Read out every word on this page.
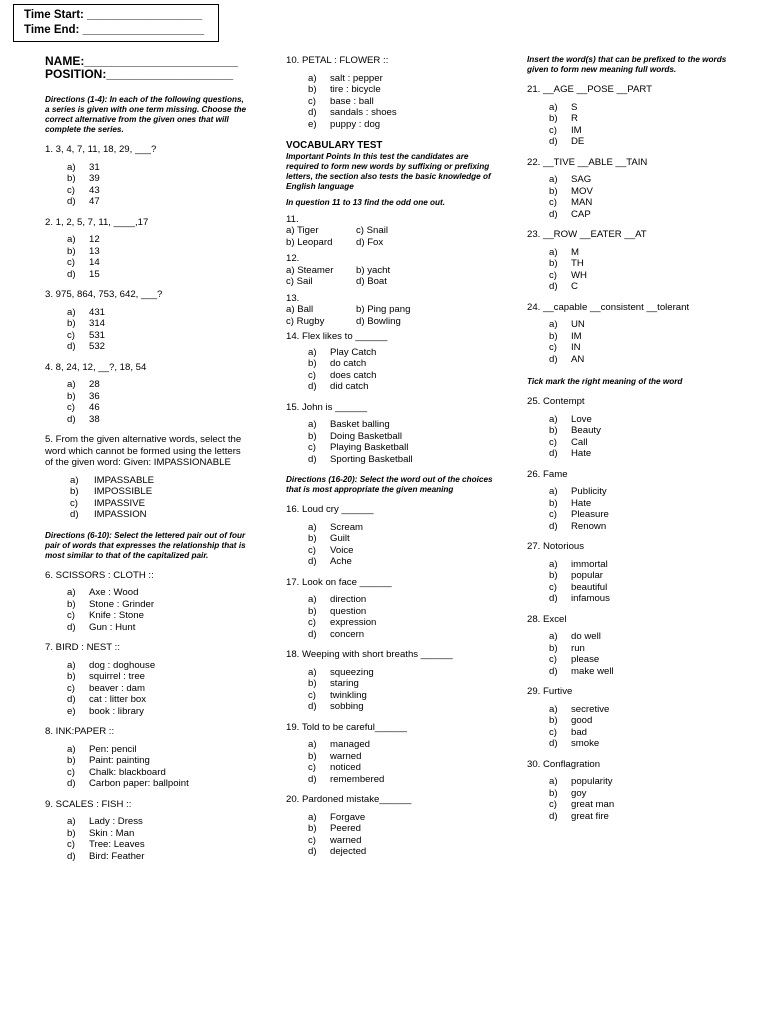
Time Start: __________________
Time End: ___________________
NAME:_______________________
POSITION:___________________
Directions (1-4): In each of the following questions, a series is given with one term missing. Choose the correct alternative from the given ones that will complete the series.
1. 3, 4, 7, 11, 18, 29, ___?
a)	31
b)	39
c)	43
d)	47
2. 1, 2, 5, 7, 11, ____,17
a)	12
b)	13
c)	14
d)	15
3. 975, 864, 753, 642, ___?
a)	431
b)	314
c)	531
d)	532
4. 8, 24, 12, __?, 18, 54
a)	28
b)	36
c)	46
d)	38
5. From the given alternative words, select the word which cannot be formed using the letters of the given word: Given: IMPASSIONABLE
a)	IMPASSABLE
b)	IMPOSSIBLE
c)	IMPASSIVE
d)	IMPASSION
Directions (6-10): Select the lettered pair out of four pair of words that expresses the relationship that is most similar to that of the capitalized pair.
6. SCISSORS : CLOTH ::
a)	Axe : Wood
b)	Stone : Grinder
c)	Knife : Stone
d)	Gun : Hunt
7. BIRD : NEST ::
a)	dog : doghouse
b)	squirrel : tree
c)	beaver : dam
d)	cat : litter box
e)	book : library
8. INK:PAPER ::
a)	Pen: pencil
b)	Paint: painting
c)	Chalk: blackboard
d)	Carbon paper: ballpoint
9. SCALES : FISH ::
a)	Lady : Dress
b)	Skin : Man
c)	Tree: Leaves
d)	Bird: Feather
10. PETAL : FLOWER ::
a)	salt : pepper
b)	tire : bicycle
c)	base : ball
d)	sandals : shoes
e)	puppy : dog
VOCABULARY TEST
Important Points In this test the candidates are required to form new words by suffixing or prefixing letters, the section also tests the basic knowledge of English language
In question 11 to 13 find the odd one out.
11.
a) Tiger	c) Snail
b) Leopard	d) Fox
12.
a) Steamer	b) yacht
c) Sail	d) Boat
13.
a) Ball	b) Ping pang
c) Rugby	d) Bowling
14. Flex likes to ______
a)	Play Catch
b)	do catch
c)	does catch
d)	did catch
15. John is ______
a)	Basket balling
b)	Doing Basketball
c)	Playing Basketball
d)	Sporting Basketball
Directions (16-20): Select the word out of the choices that is most appropriate the given meaning
16. Loud cry ______
a)	Scream
b)	Guilt
c)	Voice
d)	Ache
17. Look on face ______
a)	direction
b)	question
c)	expression
d)	concern
18. Weeping with short breaths ______
a)	squeezing
b)	staring
c)	twinkling
d)	sobbing
19. Told to be careful______
a)	managed
b)	warned
c)	noticed
d)	remembered
20. Pardoned mistake______
a)	Forgave
b)	Peered
c)	warned
d)	dejected
Insert the word(s) that can be prefixed to the words given to form new meaning full words.
21. __AGE __POSE __PART
a)	S
b)	R
c)	IM
d)	DE
22. __TIVE __ABLE __TAIN
a)	SAG
b)	MOV
c)	MAN
d)	CAP
23. __ROW __EATER __AT
a)	M
b)	TH
c)	WH
d)	C
24. __capable __consistent __tolerant
a)	UN
b)	IM
c)	IN
d)	AN
Tick mark the right meaning of the word
25. Contempt
a)	Love
b)	Beauty
c)	Call
d)	Hate
26. Fame
a)	Publicity
b)	Hate
c)	Pleasure
d)	Renown
27. Notorious
a)	immortal
b)	popular
c)	beautiful
d)	infamous
28. Excel
a)	do well
b)	run
c)	please
d)	make well
29. Furtive
a)	secretive
b)	good
c)	bad
d)	smoke
30. Conflagration
a)	popularity
b)	goy
c)	great man
d)	great fire
